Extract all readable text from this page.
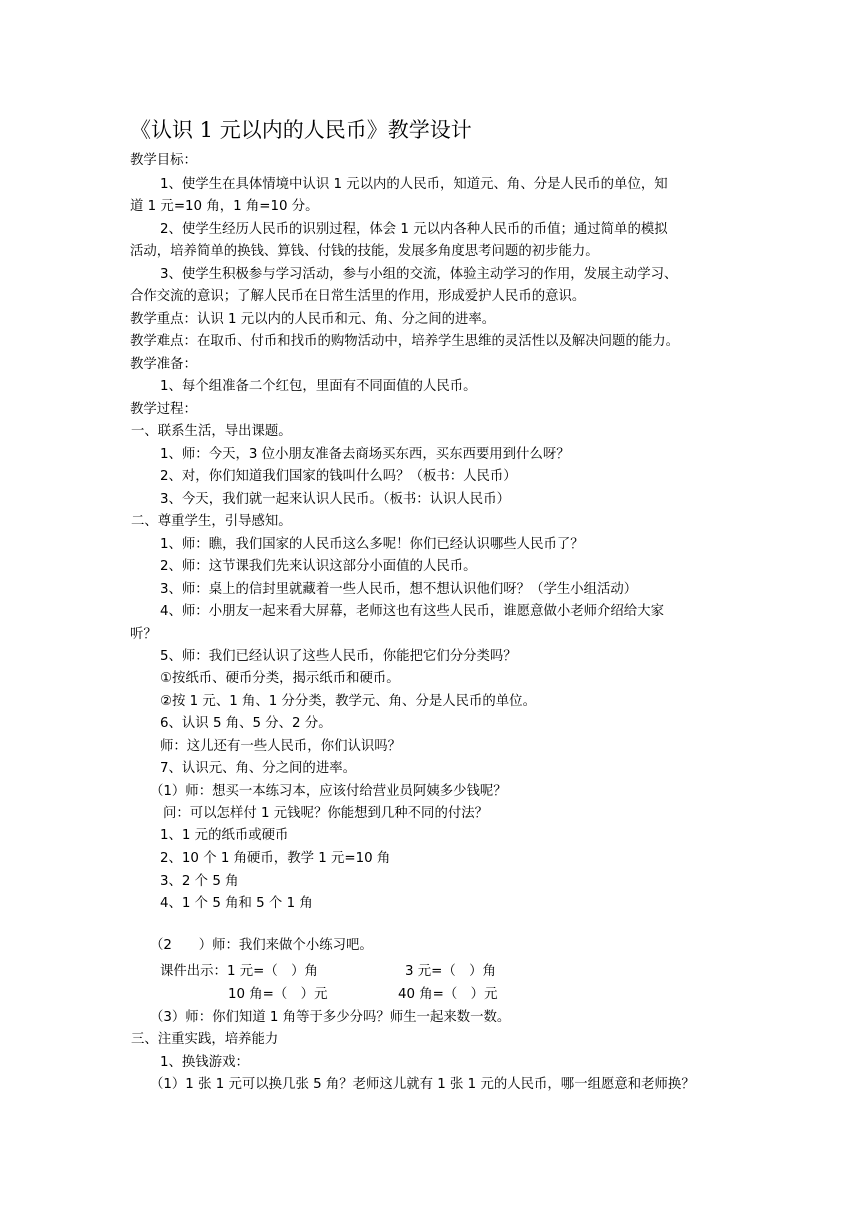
《认识 1 元以内的人民币》教学设计
教学目标：
1、使学生在具体情境中认识 1 元以内的人民币，知道元、角、分是人民币的单位，知
道 1 元=10 角，1 角=10 分。
2、使学生经历人民币的识别过程，体会 1 元以内各种人民币的币值；通过简单的模拟
活动，培养简单的换钱、算钱、付钱的技能，发展多角度思考问题的初步能力。
3、使学生积极参与学习活动，参与小组的交流，体验主动学习的作用，发展主动学习、
合作交流的意识；了解人民币在日常生活里的作用，形成爱护人民币的意识。
教学重点：认识 1 元以内的人民币和元、角、分之间的进率。
教学难点：在取币、付币和找币的购物活动中，培养学生思维的灵活性以及解决问题的能力。
教学准备：
1、每个组准备二个红包，里面有不同面值的人民币。
教学过程：
一、联系生活，导出课题。
1、师：今天，3 位小朋友准备去商场买东西，买东西要用到什么呀？
2、对，你们知道我们国家的钱叫什么吗？（板书：人民币）
3、今天，我们就一起来认识人民币。（板书：认识人民币）
二、尊重学生，引导感知。
1、师：瞧，我们国家的人民币这么多呢！你们已经认识哪些人民币了？
2、师：这节课我们先来认识这部分小面值的人民币。
3、师：桌上的信封里就藏着一些人民币，想不想认识他们呀？（学生小组活动）
4、师：小朋友一起来看大屏幕，老师这也有这些人民币，谁愿意做小老师介绍给大家
听？
5、师：我们已经认识了这些人民币，你能把它们分分类吗？
①按纸币、硬币分类，揭示纸币和硬币。
②按 1 元、1 角、1 分分类，教学元、角、分是人民币的单位。
6、认识 5 角、5 分、2 分。
师：这儿还有一些人民币，你们认识吗？
7、认识元、角、分之间的进率。
（1）师：想买一本练习本，应该付给营业员阿姨多少钱呢？
问：可以怎样付 1 元钱呢？你能想到几种不同的付法？
1、1 元的纸币或硬币
2、10 个 1 角硬币，教学 1 元=10 角
3、2 个 5 角
4、1 个 5 角和 5 个 1 角
（2　　）师：我们来做个小练习吧。
课件出示：1 元=（　）角	3 元=（　）角
10 角=（　）元	40 角=（　）元
（3）师：你们知道 1 角等于多少分吗？师生一起来数一数。
三、注重实践，培养能力
1、换钱游戏：
（1）1 张 1 元可以换几张 5 角？老师这儿就有 1 张 1 元的人民币，哪一组愿意和老师换？
